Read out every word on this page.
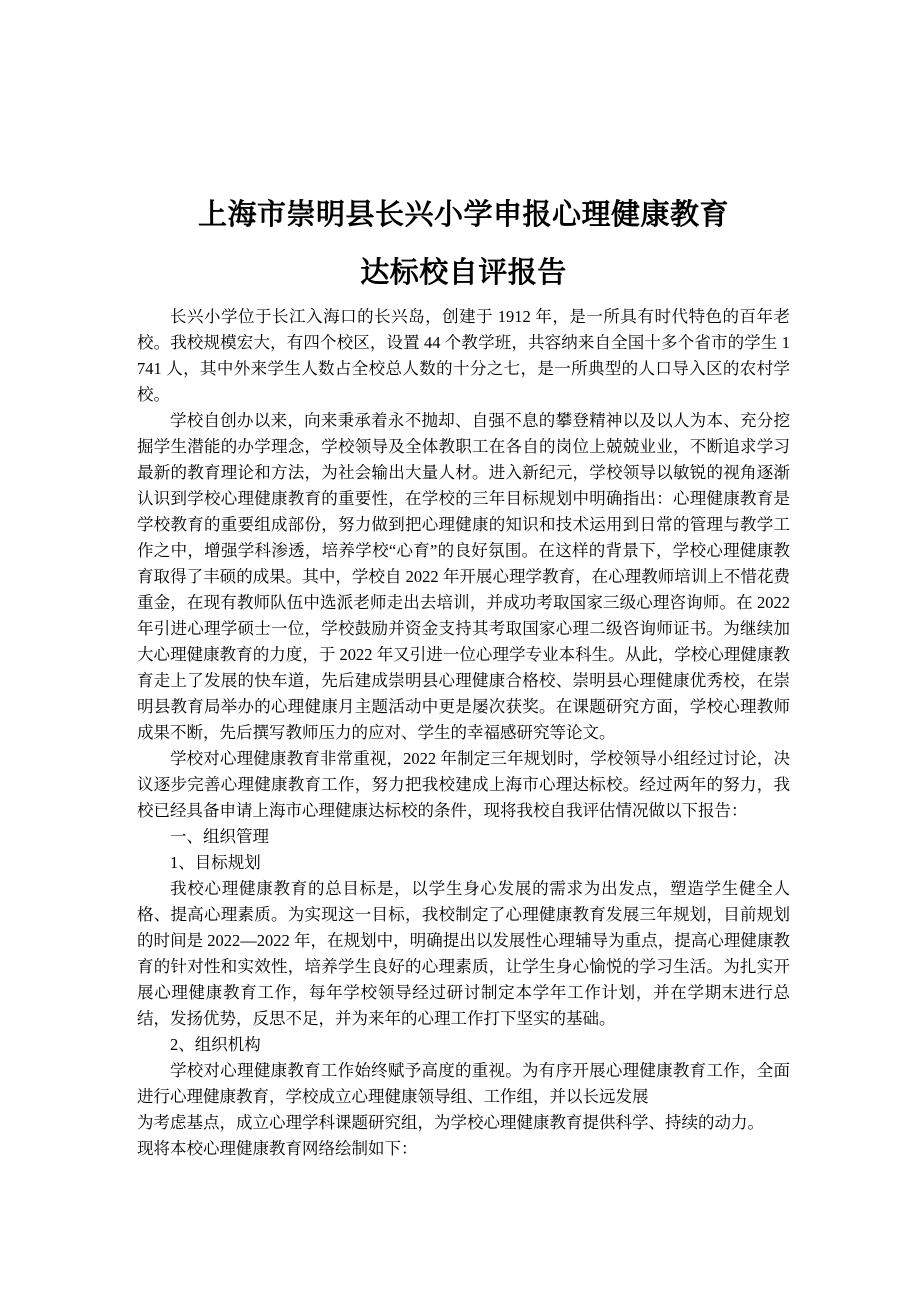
上海市崇明县长兴小学申报心理健康教育
达标校自评报告

长兴小学位于长江入海口的长兴岛，创建于 1912 年，是一所具有时代特色的百年老校。我校规模宏大，有四个校区，设置 44 个教学班，共容纳来自全国十多个省市的学生 1741 人，其中外来学生人数占全校总人数的十分之七，是一所典型的人口导入区的农村学校。

学校自创办以来，向来秉承着永不抛却、自强不息的攀登精神以及以人为本、充分挖掘学生潜能的办学理念，学校领导及全体教职工在各自的岗位上兢兢业业，不断追求学习最新的教育理论和方法，为社会输出大量人材。进入新纪元，学校领导以敏锐的视角逐渐认识到学校心理健康教育的重要性，在学校的三年目标规划中明确指出：心理健康教育是学校教育的重要组成部份，努力做到把心理健康的知识和技术运用到日常的管理与教学工作之中，增强学科渗透，培养学校“心育”的良好氛围。在这样的背景下，学校心理健康教育取得了丰硕的成果。其中，学校自 2022 年开展心理学教育，在心理教师培训上不惜花费重金，在现有教师队伍中选派老师走出去培训，并成功考取国家三级心理咨询师。在 2022 年引进心理学硕士一位，学校鼓励并资金支持其考取国家心理二级咨询师证书。为继续加大心理健康教育的力度，于 2022 年又引进一位心理学专业本科生。从此，学校心理健康教育走上了发展的快车道，先后建成崇明县心理健康合格校、崇明县心理健康优秀校，在崇明县教育局举办的心理健康月主题活动中更是屡次获奖。在课题研究方面，学校心理教师成果不断，先后撰写教师压力的应对、学生的幸福感研究等论文。

学校对心理健康教育非常重视，2022 年制定三年规划时，学校领导小组经过讨论，决议逐步完善心理健康教育工作，努力把我校建成上海市心理达标校。经过两年的努力，我校已经具备申请上海市心理健康达标校的条件，现将我校自我评估情况做以下报告：

一、组织管理

1、目标规划

我校心理健康教育的总目标是，以学生身心发展的需求为出发点，塑造学生健全人格、提高心理素质。为实现这一目标，我校制定了心理健康教育发展三年规划，目前规划的时间是 2022—2022 年，在规划中，明确提出以发展性心理辅导为重点，提高心理健康教育的针对性和实效性，培养学生良好的心理素质，让学生身心愉悦的学习生活。为扎实开展心理健康教育工作，每年学校领导经过研讨制定本学年工作计划，并在学期末进行总结，发扬优势，反思不足，并为来年的心理工作打下坚实的基础。

2、组织机构

学校对心理健康教育工作始终赋予高度的重视。为有序开展心理健康教育工作，全面进行心理健康教育，学校成立心理健康领导组、工作组，并以长远发展

为考虑基点，成立心理学科课题研究组，为学校心理健康教育提供科学、持续的动力。

现将本校心理健康教育网络绘制如下：
